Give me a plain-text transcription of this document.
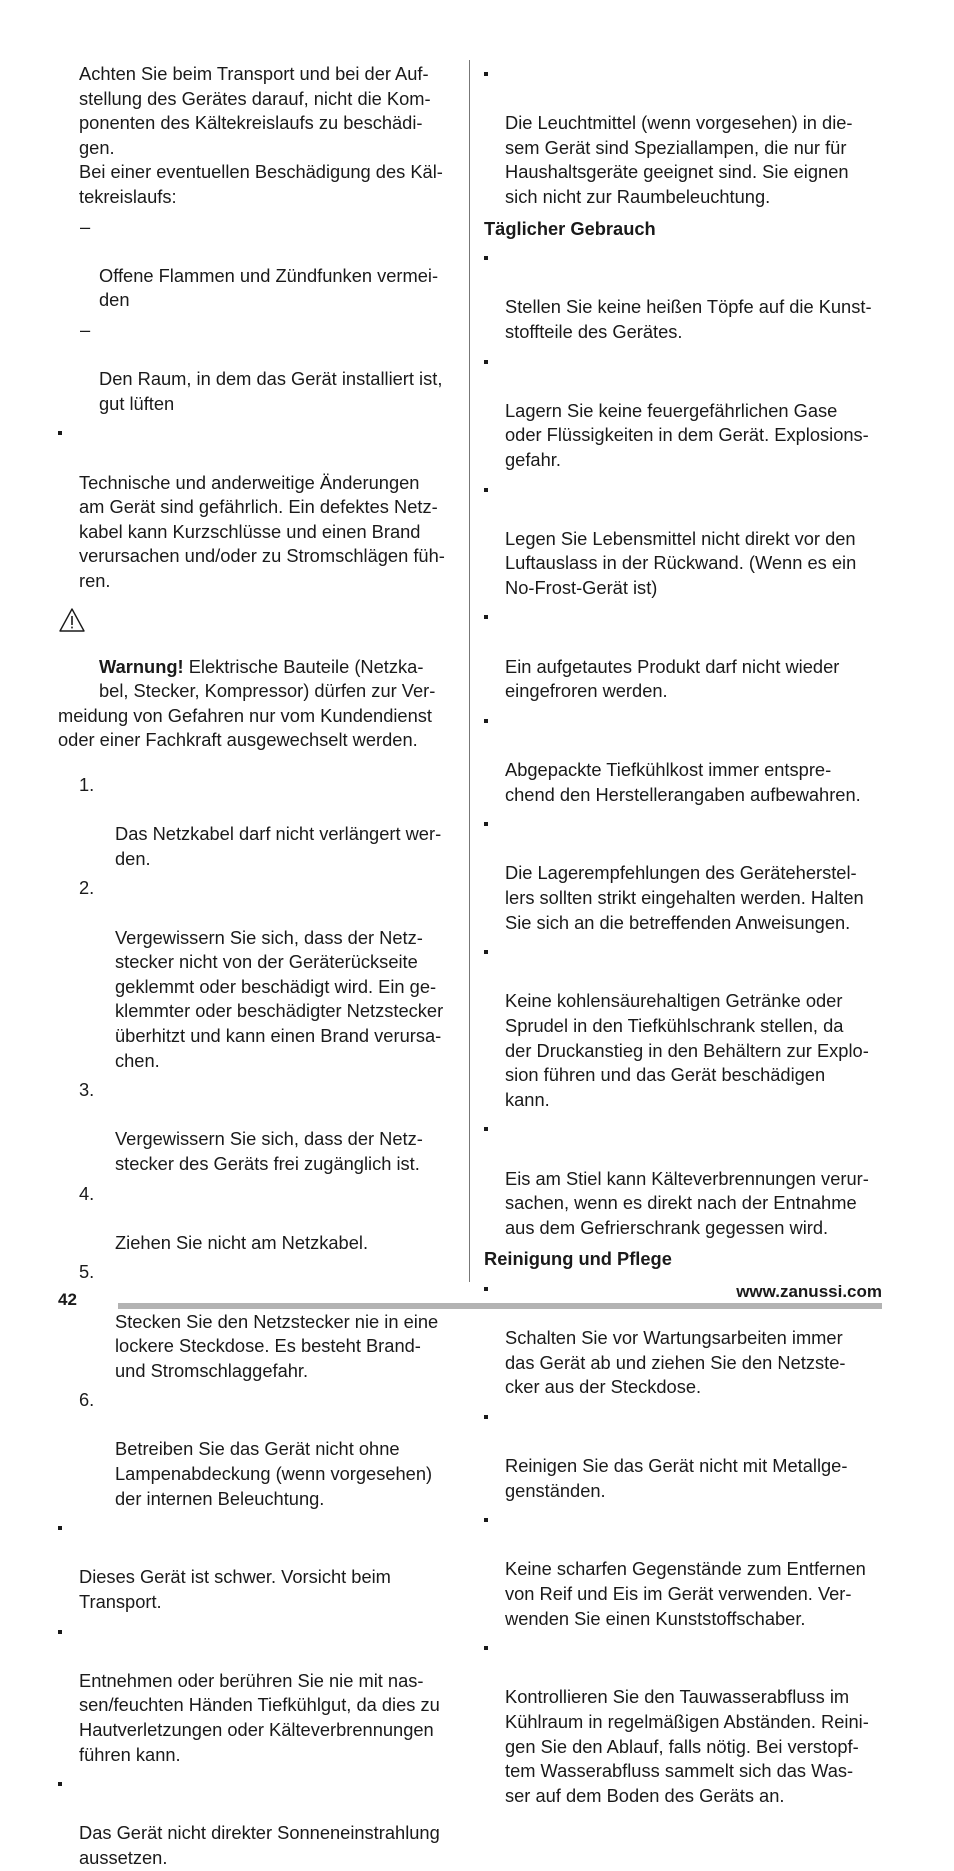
Achten Sie beim Transport und bei der Auf-
stellung des Gerätes darauf, nicht die Kom-
ponenten des Kältekreislaufs zu beschädi-
gen.
Bei einer eventuellen Beschädigung des Käl-
tekreislaufs:

–

Offene Flammen und Zündfunken vermei-
den

–

Den Raum, in dem das Gerät installiert ist,
gut lüften

Technische und anderweitige Änderungen
am Gerät sind gefährlich. Ein defektes Netz-
kabel kann Kurzschlüsse und einen Brand
verursachen und/oder zu Stromschlägen füh-
ren.

Warnung! Elektrische Bauteile (Netzka-
bel, Stecker, Kompressor) dürfen zur Ver-
meidung von Gefahren nur vom Kundendienst
oder einer Fachkraft ausgewechselt werden.

1.

Das Netzkabel darf nicht verlängert wer-
den.

2.

Vergewissern Sie sich, dass der Netz-
stecker nicht von der Geräterückseite
geklemmt oder beschädigt wird. Ein ge-
klemmter oder beschädigter Netzstecker
überhitzt und kann einen Brand verursa-
chen.

3.

Vergewissern Sie sich, dass der Netz-
stecker des Geräts frei zugänglich ist.

4.

Ziehen Sie nicht am Netzkabel.

5.

Stecken Sie den Netzstecker nie in eine
lockere Steckdose. Es besteht Brand-
und Stromschlaggefahr.

6.

Betreiben Sie das Gerät nicht ohne
Lampenabdeckung (wenn vorgesehen)
der internen Beleuchtung.

Dieses Gerät ist schwer. Vorsicht beim
Transport.

Entnehmen oder berühren Sie nie mit nas-
sen/feuchten Händen Tiefkühlgut, da dies zu
Hautverletzungen oder Kälteverbrennungen
führen kann.

Das Gerät nicht direkter Sonneneinstrahlung
aussetzen.

Die Leuchtmittel (wenn vorgesehen) in die-
sem Gerät sind Speziallampen, die nur für
Haushaltsgeräte geeignet sind. Sie eignen
sich nicht zur Raumbeleuchtung.

Täglicher Gebrauch

Stellen Sie keine heißen Töpfe auf die Kunst-
stoffteile des Gerätes.

Lagern Sie keine feuergefährlichen Gase
oder Flüssigkeiten in dem Gerät. Explosions-
gefahr.

Legen Sie Lebensmittel nicht direkt vor den
Luftauslass in der Rückwand. (Wenn es ein
No-Frost-Gerät ist)

Ein aufgetautes Produkt darf nicht wieder
eingefroren werden.

Abgepackte Tiefkühlkost immer entspre-
chend den Herstellerangaben aufbewahren.

Die Lagerempfehlungen des Geräteherstel-
lers sollten strikt eingehalten werden. Halten
Sie sich an die betreffenden Anweisungen.

Keine kohlensäurehaltigen Getränke oder
Sprudel in den Tiefkühlschrank stellen, da
der Druckanstieg in den Behältern zur Explo-
sion führen und das Gerät beschädigen
kann.

Eis am Stiel kann Kälteverbrennungen verur-
sachen, wenn es direkt nach der Entnahme
aus dem Gefrierschrank gegessen wird.

Reinigung und Pflege

Schalten Sie vor Wartungsarbeiten immer
das Gerät ab und ziehen Sie den Netzste-
cker aus der Steckdose.

Reinigen Sie das Gerät nicht mit Metallge-
genständen.

Keine scharfen Gegenstände zum Entfernen
von Reif und Eis im Gerät verwenden. Ver-
wenden Sie einen Kunststoffschaber.

Kontrollieren Sie den Tauwasserabfluss im
Kühlraum in regelmäßigen Abständen. Reini-
gen Sie den Ablauf, falls nötig. Bei verstopf-
tem Wasserabfluss sammelt sich das Was-
ser auf dem Boden des Geräts an.

42	www.zanussi.com
